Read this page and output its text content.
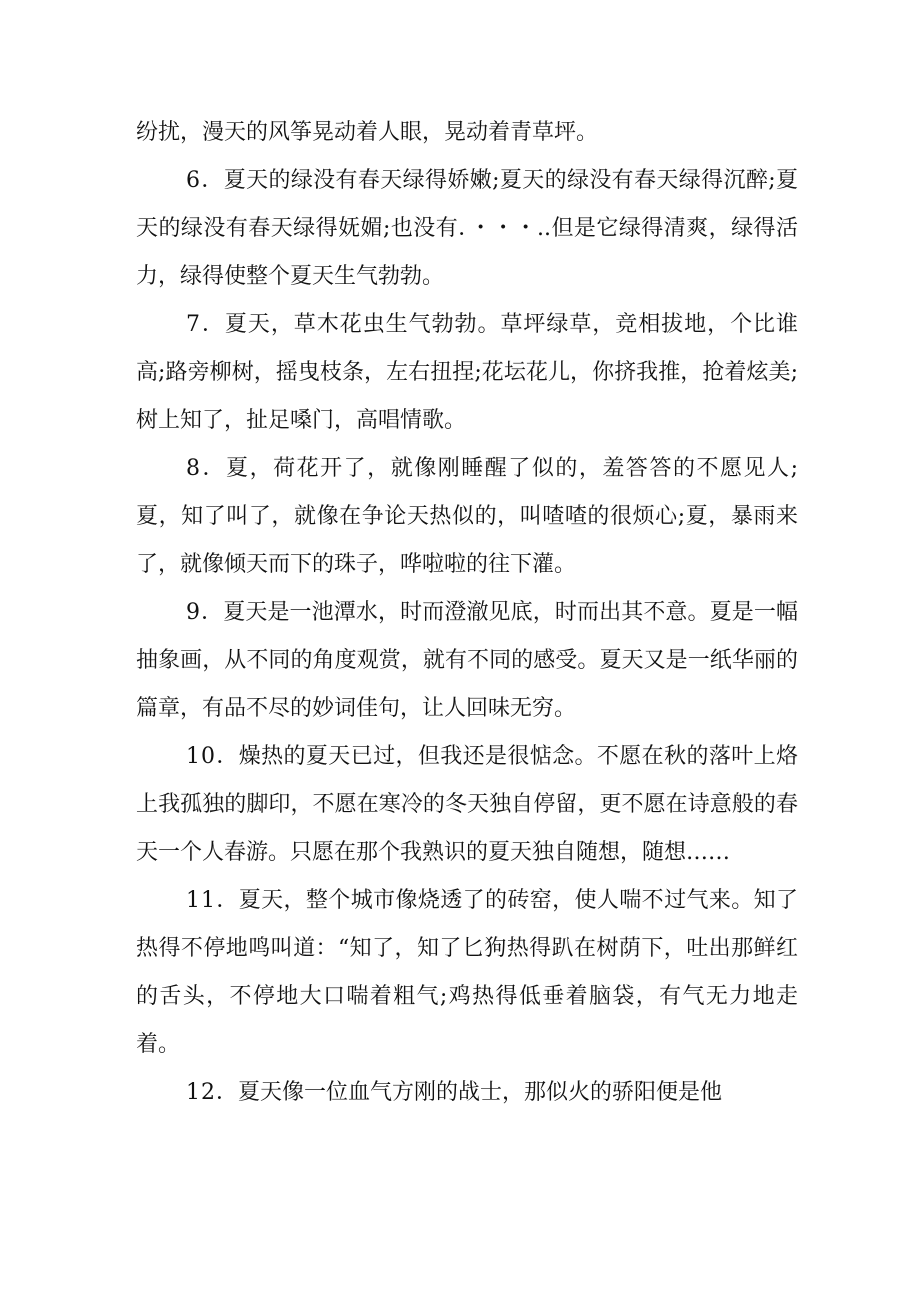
纷扰，漫天的风筝晃动着人眼，晃动着青草坪。

6．夏天的绿没有春天绿得娇嫩;夏天的绿没有春天绿得沉醉;夏天的绿没有春天绿得妩媚;也没有．・・・..但是它绿得清爽，绿得活力，绿得使整个夏天生气勃勃。

7．夏天，草木花虫生气勃勃。草坪绿草，竞相拔地，个比谁高;路旁柳树，摇曳枝条，左右扭捏;花坛花儿，你挤我推，抢着炫美;树上知了，扯足嗓门，高唱情歌。

8．夏，荷花开了，就像刚睡醒了似的，羞答答的不愿见人;夏，知了叫了，就像在争论天热似的，叫喳喳的很烦心;夏，暴雨来了，就像倾天而下的珠子，哗啦啦的往下灌。

9．夏天是一池潭水，时而澄澈见底，时而出其不意。夏是一幅抽象画，从不同的角度观赏，就有不同的感受。夏天又是一纸华丽的篇章，有品不尽的妙词佳句，让人回味无穷。

10．燥热的夏天已过，但我还是很惦念。不愿在秋的落叶上烙上我孤独的脚印，不愿在寒冷的冬天独自停留，更不愿在诗意般的春天一个人春游。只愿在那个我熟识的夏天独自随想，随想……

11．夏天，整个城市像烧透了的砖窑，使人喘不过气来。知了热得不停地鸣叫道：“知了，知了匕狗热得趴在树荫下，吐出那鲜红的舌头，不停地大口喘着粗气;鸡热得低垂着脑袋，有气无力地走着。

12．夏天像一位血气方刚的战士，那似火的骄阳便是他
